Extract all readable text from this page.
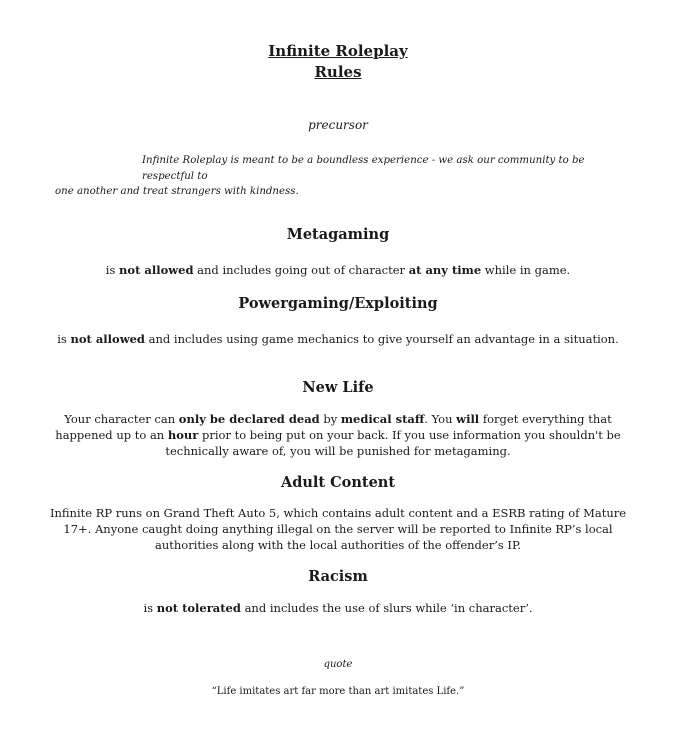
Infinite Roleplay
Rules
precursor
Infinite Roleplay is meant to be a boundless experience - we ask our community to be respectful to
one another and treat strangers with kindness.
Metagaming
is not allowed and includes going out of character at any time while in game.
Powergaming/Exploiting
is not allowed and includes using game mechanics to give yourself an advantage in a situation.
New Life
Your character can only be declared dead by medical staff. You will forget everything that happened up to an hour prior to being put on your back. If you use information you shouldn't be technically aware of, you will be punished for metagaming.
Adult Content
Infinite RP runs on Grand Theft Auto 5, which contains adult content and a ESRB rating of Mature 17+. Anyone caught doing anything illegal on the server will be reported to Infinite RP’s local authorities along with the local authorities of the offender’s IP.
Racism
is not tolerated and includes the use of slurs while ‘in character’.
quote
“Life imitates art far more than art imitates Life.”
